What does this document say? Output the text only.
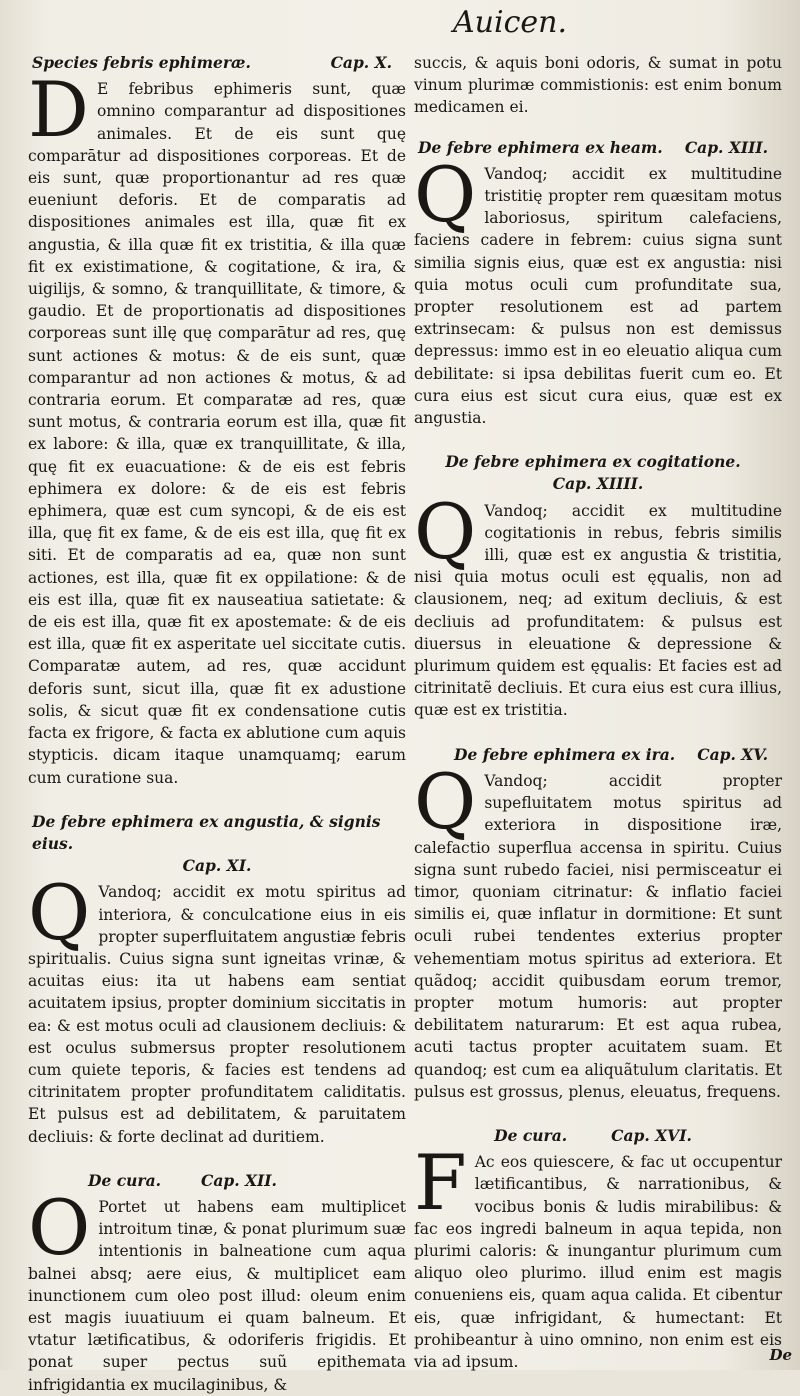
Auicen.
Species febris ephimeræ.	Cap. X.
D E febribus ephimeris sunt, quæ omnino comparantur ad dispositiones animales. Et de eis sunt quę comparātur ad dispositiones corporeas. Et de eis sunt, quæ proportionantur ad res quæ eueniunt deforis. Et de comparatis ad dispositiones animales est illa, quæ fit ex angustia, & illa quæ fit ex tristitia, & illa quæ fit ex existimatione, & cogitatione, & ira, & uigilijs, & somno, & tranquillitate, & timore, & gaudio. Et de proportionatis ad dispositiones corporeas sunt illę quę comparātur ad res, quę sunt actiones & motus: & de eis sunt, quæ comparantur ad non actiones & motus, & ad contraria eorum. Et comparatæ ad res, quæ sunt motus, & contraria eorum est illa, quæ fit ex labore: & illa, quæ ex tranquillitate, & illa, quę fit ex euacuatione: & de eis est febris ephimera ex dolore: & de eis est febris ephimera, quæ est cum syncopi, & de eis est illa, quę fit ex fame, & de eis est illa, quę fit ex siti. Et de comparatis ad ea, quæ non sunt actiones, est illa, quæ fit ex oppilatione: & de eis est illa, quæ fit ex nauseatiua satietate: & de eis est illa, quæ fit ex apostemate: & de eis est illa, quæ fit ex asperitate uel siccitate cutis. Comparatæ autem, ad res, quæ accidunt deforis sunt, sicut illa, quæ fit ex adustione solis, & sicut quæ fit ex condensatione cutis facta ex frigore, & facta ex ablutione cum aquis stypticis. dicam itaque unamquamq; earum cum curatione sua.
De febre ephimera ex angustia, & signis eius.
Cap. XI.
Q Vandoq; accidit ex motu spiritus ad interiora, & conculcatione eius in eis propter superfluitatem angustiæ febris spiritualis. Cuius signa sunt igneitas vrinæ, & acuitas eius: ita ut habens eam sentiat acuitatem ipsius, propter dominium siccitatis in ea: & est motus oculi ad clausionem decliuis: & est oculus submersus propter resolutionem cum quiete teporis, & facies est tendens ad citrinitatem propter profunditatem caliditatis. Et pulsus est ad debilitatem, & paruitatem decliuis: & forte declinat ad duritiem.
De cura.	Cap. XII.
O Portet ut habens eam multiplicet introitum tinæ, & ponat plurimum suæ intentionis in balneatione cum aqua balnei absq; aere eius, & multiplicet eam inunctionem cum oleo post illud: oleum enim est magis iuuatiuum ei quam balneum. Et vtatur lætificatibus, & odoriferis frigidis. Et ponat super pectus suũ epithemata infrigidantia ex mucilaginibus, &
succis, & aquis boni odoris, & sumat in potu vinum plurimæ commistionis: est enim bonum medicamen ei.
De febre ephimera ex heam.	Cap. XIII.
Q Vandoq; accidit ex multitudine tristitię propter rem quæsitam motus laboriosus, spiritum calefaciens, faciens cadere in febrem: cuius signa sunt similia signis eius, quæ est ex angustia: nisi quia motus oculi cum profunditate sua, propter resolutionem est ad partem extrinsecam: & pulsus non est demissus depressus: immo est in eo eleuatio aliqua cum debilitate: si ipsa debilitas fuerit cum eo. Et cura eius est sicut cura eius, quæ est ex angustia.
De febre ephimera ex cogitatione.
Cap. XIIII.
Q Vandoq; accidit ex multitudine cogitationis in rebus, febris similis illi, quæ est ex angustia & tristitia, nisi quia motus oculi est ęqualis, non ad clausionem, neq; ad exitum decliuis, & est decliuis ad profunditatem: & pulsus est diuersus in eleuatione & depressione & plurimum quidem est ęqualis: Et facies est ad citrinitatẽ decliuis. Et cura eius est cura illius, quæ est ex tristitia.
De febre ephimera ex ira.	Cap. XV.
Q Vandoq; accidit propter supefluitatem motus spiritus ad exteriora in dispositione iræ, calefactio superflua accensa in spiritu. Cuius signa sunt rubedo faciei, nisi permisceatur ei timor, quoniam citrinatur: & inflatio faciei similis ei, quæ inflatur in dormitione: Et sunt oculi rubei tendentes exterius propter vehementiam motus spiritus ad exteriora. Et quãdoq; accidit quibusdam eorum tremor, propter motum humoris: aut propter debilitatem naturarum: Et est aqua rubea, acuti tactus propter acuitatem suam. Et quandoq; est cum ea aliquãtulum claritatis. Et pulsus est grossus, plenus, eleuatus, frequens.
De cura.	Cap. XVI.
F Ac eos quiescere, & fac ut occupentur lætificantibus, & narrationibus, & vocibus bonis & ludis mirabilibus: & fac eos ingredi balneum in aqua tepida, non plurimi caloris: & inungantur plurimum cum aliquo oleo plurimo. illud enim est magis conueniens eis, quam aqua calida. Et cibentur eis, quæ infrigidant, & humectant: Et prohibeantur à uino omnino, non enim est eis via ad ipsum.	De
